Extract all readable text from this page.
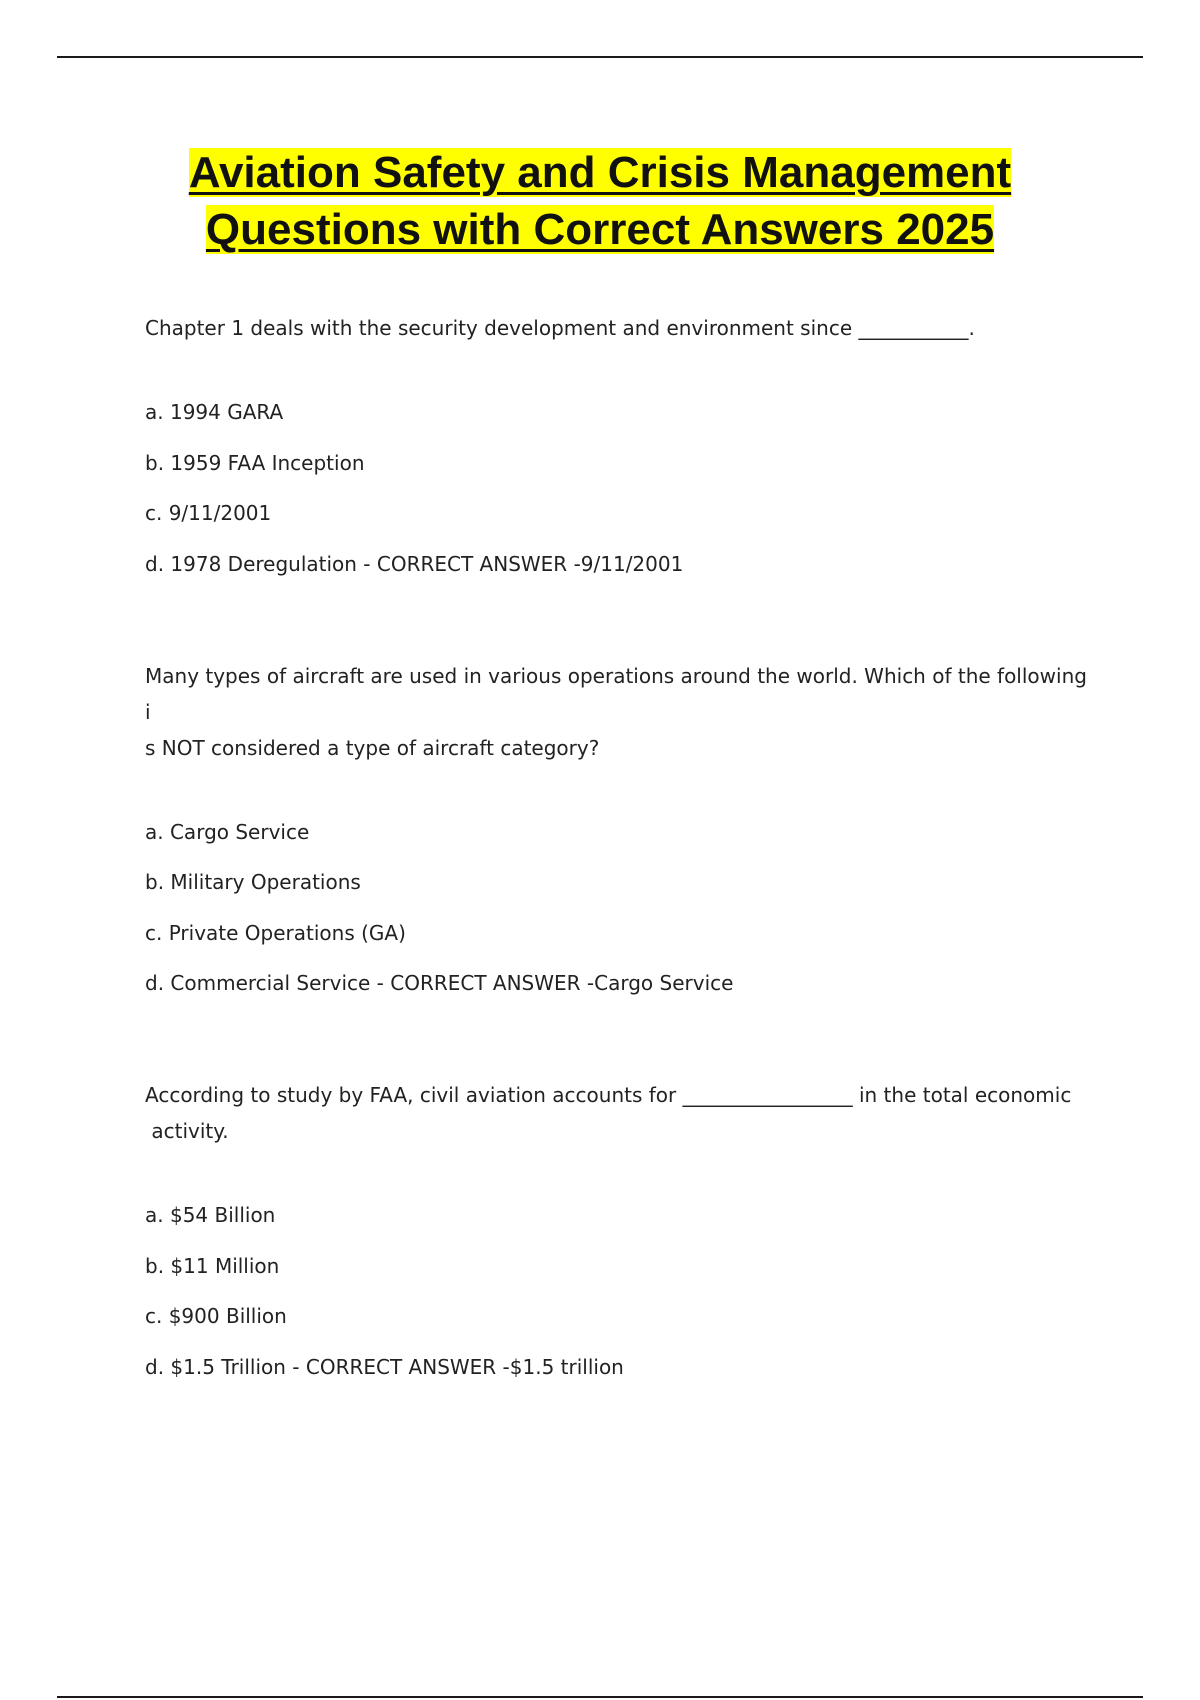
Aviation Safety and Crisis Management
Questions with Correct Answers 2025

Chapter 1 deals with the security development and environment since ___________.

a. 1994 GARA
b. 1959 FAA Inception
c. 9/11/2001
d. 1978 Deregulation - CORRECT ANSWER -9/11/2001

Many types of aircraft are used in various operations around the world. Which of the following i
s NOT considered a type of aircraft category?

a. Cargo Service
b. Military Operations
c. Private Operations (GA)
d. Commercial Service - CORRECT ANSWER -Cargo Service

According to study by FAA, civil aviation accounts for _________________ in the total economic
activity.

a. $54 Billion
b. $11 Million
c. $900 Billion
d. $1.5 Trillion - CORRECT ANSWER -$1.5 trillion
